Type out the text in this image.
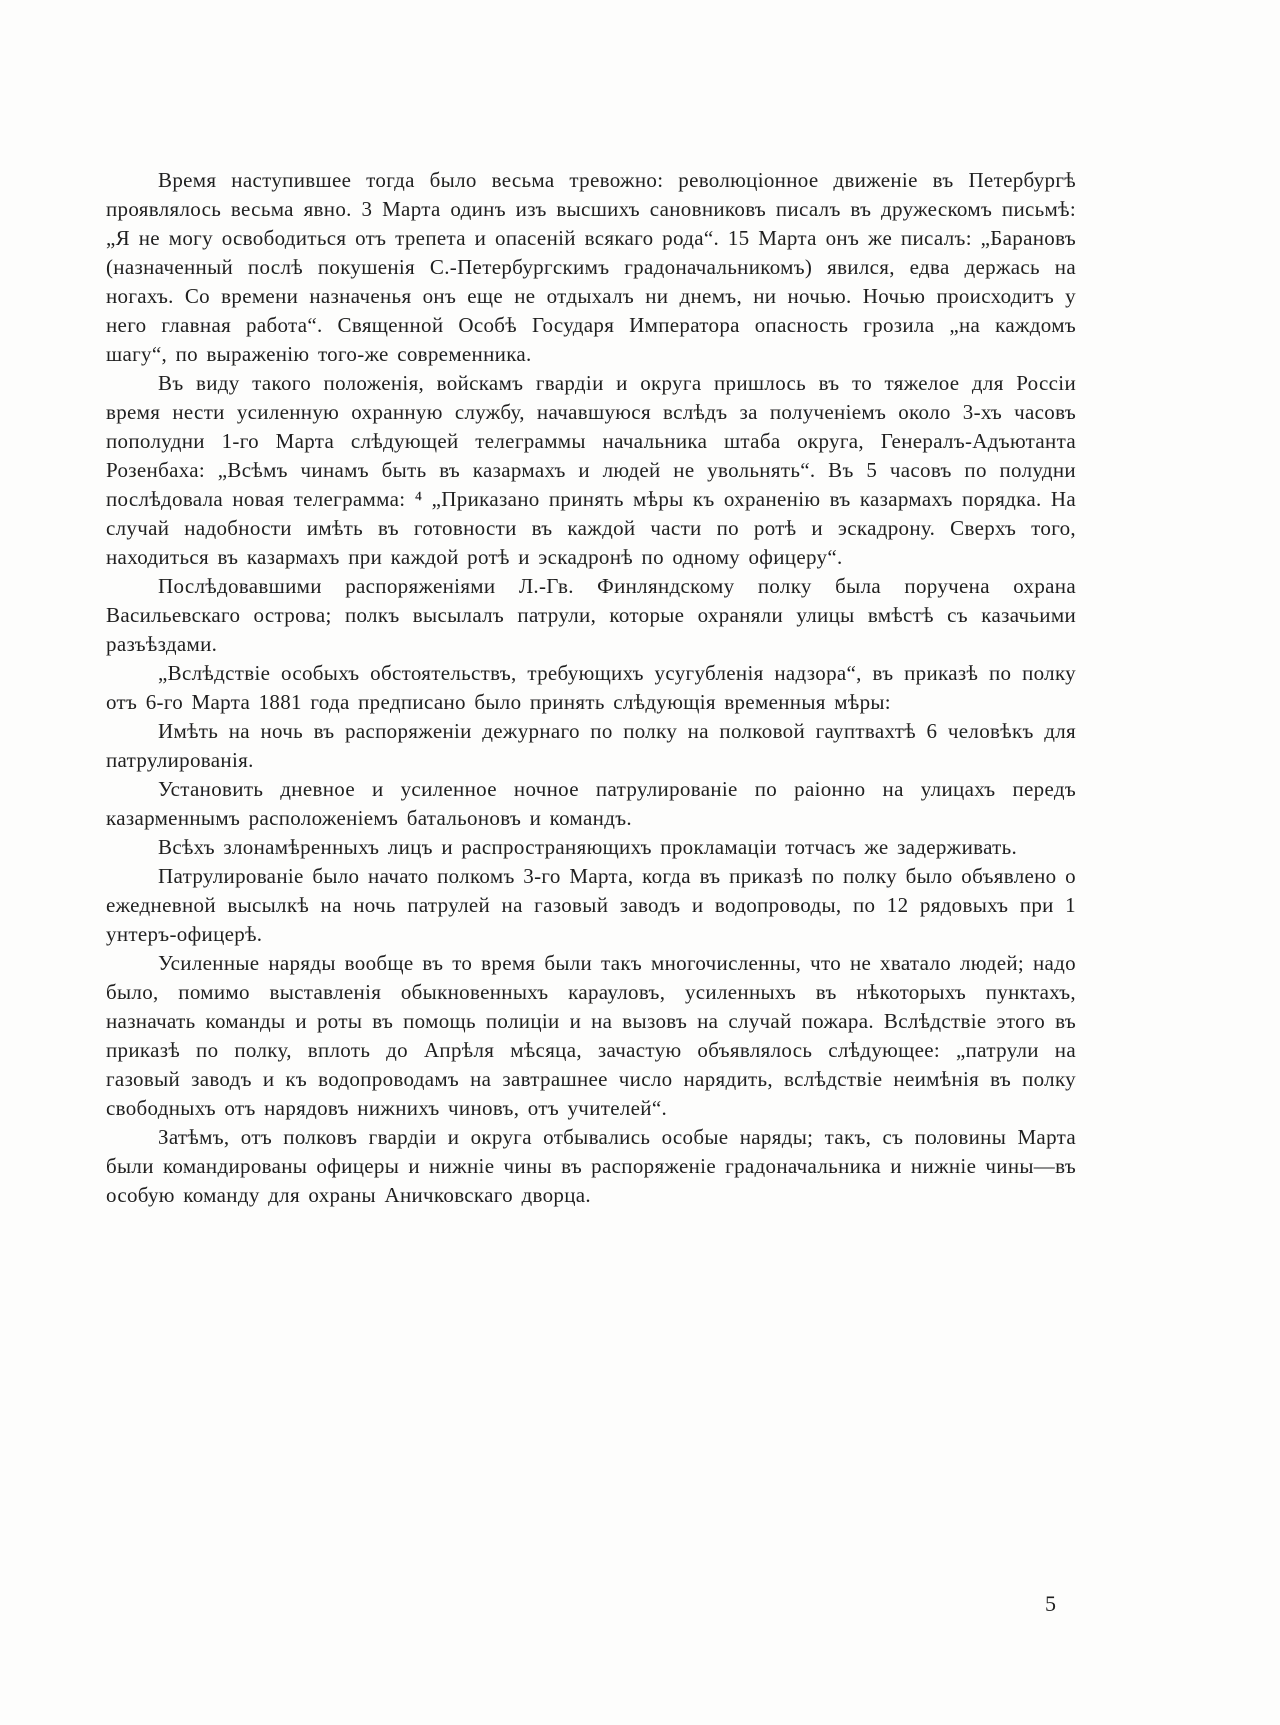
Время наступившее тогда было весьма тревожно: революціонное движеніе въ Петербургѣ проявлялось весьма явно. 3 Марта одинъ изъ высшихъ сановниковъ писалъ въ дружескомъ письмѣ: „Я не могу освободиться отъ трепета и опасеній всякаго рода“. 15 Марта онъ же писалъ: „Барановъ (назначенный послѣ покушенія С.-Петербургскимъ градоначальникомъ) явился, едва держась на ногахъ. Со времени назначенья онъ еще не отдыхалъ ни днемъ, ни ночью. Ночью происходитъ у него главная работа“. Священной Особѣ Государя Императора опасность грозила „на каждомъ шагу“, по выраженію того-же современника.

Въ виду такого положенія, войскамъ гвардіи и округа пришлось въ то тяжелое для Россіи время нести усиленную охранную службу, начавшуюся вслѣдъ за полученіемъ около 3-хъ часовъ пополудни 1-го Марта слѣдующей телеграммы начальника штаба округа, Генералъ-Адъютанта Розенбаха: „Всѣмъ чинамъ быть въ казармахъ и людей не увольнять“. Въ 5 часовъ по полудни послѣдовала новая телеграмма: ⁴ „Приказано принять мѣры къ охраненію въ казармахъ порядка. На случай надобности имѣть въ готовности въ каждой части по ротѣ и эскадрону. Сверхъ того, находиться въ казармахъ при каждой ротѣ и эскадронѣ по одному офицеру“.

Послѣдовавшими распоряженіями Л.-Гв. Финляндскому полку была поручена охрана Васильевскаго острова; полкъ высылалъ патрули, которые охраняли улицы вмѣстѣ съ казачьими разъѣздами.

„Вслѣдствіе особыхъ обстоятельствъ, требующихъ усугубленія надзора“, въ приказѣ по полку отъ 6-го Марта 1881 года предписано было принять слѣдующія временныя мѣры:

Имѣть на ночь въ распоряженіи дежурнаго по полку на полковой гауптвахтѣ 6 человѣкъ для патрулированія.

Установить дневное и усиленное ночное патрулированіе по раіонно на улицахъ передъ казарменнымъ расположеніемъ батальоновъ и командъ.

Всѣхъ злонамѣренныхъ лицъ и распространяющихъ прокламаціи тотчасъ же задерживать.

Патрулированіе было начато полкомъ 3-го Марта, когда въ приказѣ по полку было объявлено о ежедневной высылкѣ на ночь патрулей на газовый заводъ и водопроводы, по 12 рядовыхъ при 1 унтеръ-офицерѣ.

Усиленные наряды вообще въ то время были такъ многочисленны, что не хватало людей; надо было, помимо выставленія обыкновенныхъ карауловъ, усиленныхъ въ нѣкоторыхъ пунктахъ, назначать команды и роты въ помощь полиціи и на вызовъ на случай пожара. Вслѣдствіе этого въ приказѣ по полку, вплоть до Апрѣля мѣсяца, зачастую объявлялось слѣдующее: „патрули на газовый заводъ и къ водопроводамъ на завтрашнее число нарядить, вслѣдствіе неимѣнія въ полку свободныхъ отъ нарядовъ нижнихъ чиновъ, отъ учителей“.

Затѣмъ, отъ полковъ гвардіи и округа отбывались особые наряды; такъ, съ половины Марта были командированы офицеры и нижніе чины въ распоряженіе градоначальника и нижніе чины—въ особую команду для охраны Аничковскаго дворца.

5
